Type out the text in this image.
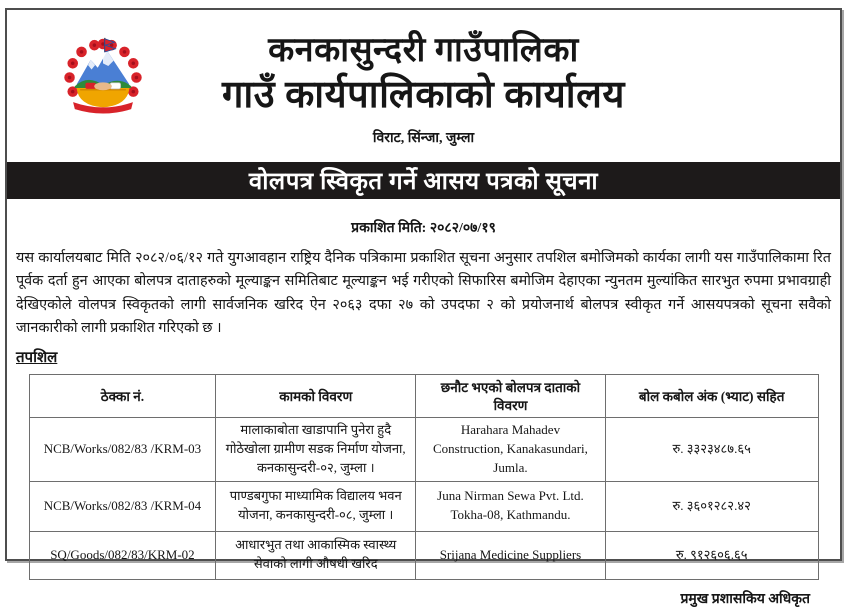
कनकासुन्दरी गाउँपालिका
गाउँ कार्यपालिकाको कार्यालय
विराट, सिंन्जा, जुम्ला
वोलपत्र स्विकृत गर्ने आसय पत्रको सूचना
प्रकाशित मिति: २०८२/०७/१९

यस कार्यालयबाट मिति २०८२/०६/१२ गते युगआवहान राष्ट्रिय दैनिक पत्रिकामा प्रकाशित सूचना अनुसार तपशिल बमोजिमको कार्यका लागी यस गाउँपालिकामा रित पूर्वक दर्ता हुन आएका बोलपत्र दाताहरुको मूल्याङ्कन समितिबाट मूल्याङ्कन भई गरीएको सिफारिस बमोजिम देहाएका न्युनतम मुल्यांकित सारभुत रुपमा प्रभावग्राही देखिएकोले वोलपत्र स्विकृतको लागी सार्वजनिक खरिद ऐन २०६३ दफा २७ को उपदफा २ को प्रयोजनार्थ बोलपत्र स्वीकृत गर्ने आसयपत्रको सूचना सवैको जानकारीको लागी प्रकाशित गरिएको छ ।

तपशिल
ठेक्का नं.	कामको विवरण	छनौट भएको बोलपत्र दाताको विवरण	बोल कबोल अंक (भ्याट) सहित
NCB/Works/082/83 /KRM-03	मालाकाबोता खाडापानि पुनेरा हुदै गोठेखोला ग्रामीण सडक निर्माण योजना, कनकासुन्दरी-०२, जुम्ला ।	Harahara Mahadev Construction, Kanakasundari, Jumla.	रु. ३३२३४८७.६५
NCB/Works/082/83 /KRM-04	पाण्डबगुफा माध्यामिक विद्यालय भवन योजना, कनकासुन्दरी-०८, जुम्ला ।	Juna Nirman Sewa Pvt. Ltd. Tokha-08, Kathmandu.	रु. ३६०१२८२.४२
SQ/Goods/082/83/KRM-02	आधारभुत तथा आकास्मिक स्वास्थ्य सेवाको लागी औषधी खरिद	Srijana Medicine Suppliers	रु. ९१२६०६.६५
प्रमुख प्रशासकिय अधिकृत
